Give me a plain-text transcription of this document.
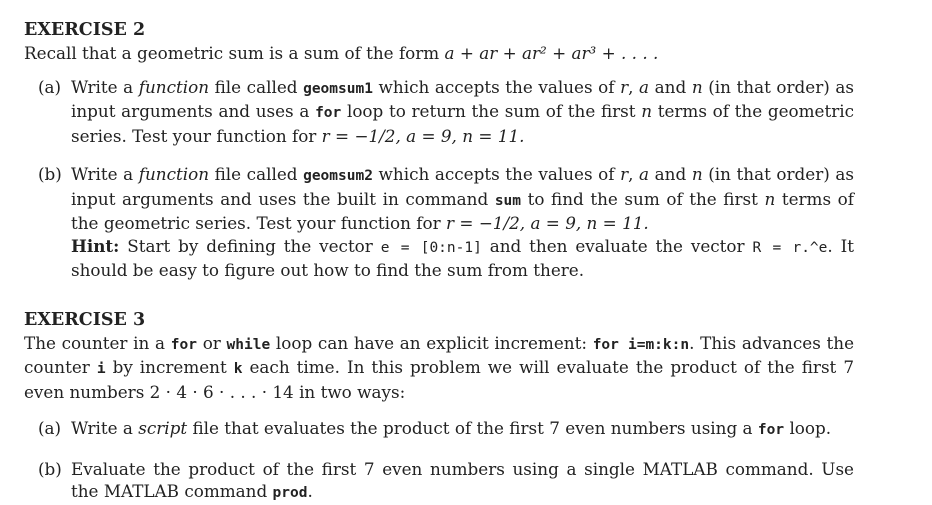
EXERCISE 2

Recall that a geometric sum is a sum of the form a + ar + ar² + ar³ + . . . .

(a) Write a function file called geomsum1 which accepts the values of r, a and n (in that order) as input arguments and uses a for loop to return the sum of the first n terms of the geometric series. Test your function for r = −1/2, a = 9, n = 11.

(b) Write a function file called geomsum2 which accepts the values of r, a and n (in that order) as input arguments and uses the built in command sum to find the sum of the first n terms of the geometric series. Test your function for r = −1/2, a = 9, n = 11.
Hint: Start by defining the vector e = [0:n-1] and then evaluate the vector R = r.^e. It should be easy to figure out how to find the sum from there.

EXERCISE 3

The counter in a for or while loop can have an explicit increment: for i=m:k:n. This advances the counter i by increment k each time. In this problem we will evaluate the product of the first 7 even numbers 2 · 4 · 6 · . . . · 14 in two ways:

(a) Write a script file that evaluates the product of the first 7 even numbers using a for loop.

(b) Evaluate the product of the first 7 even numbers using a single MATLAB command. Use the MATLAB command prod.
